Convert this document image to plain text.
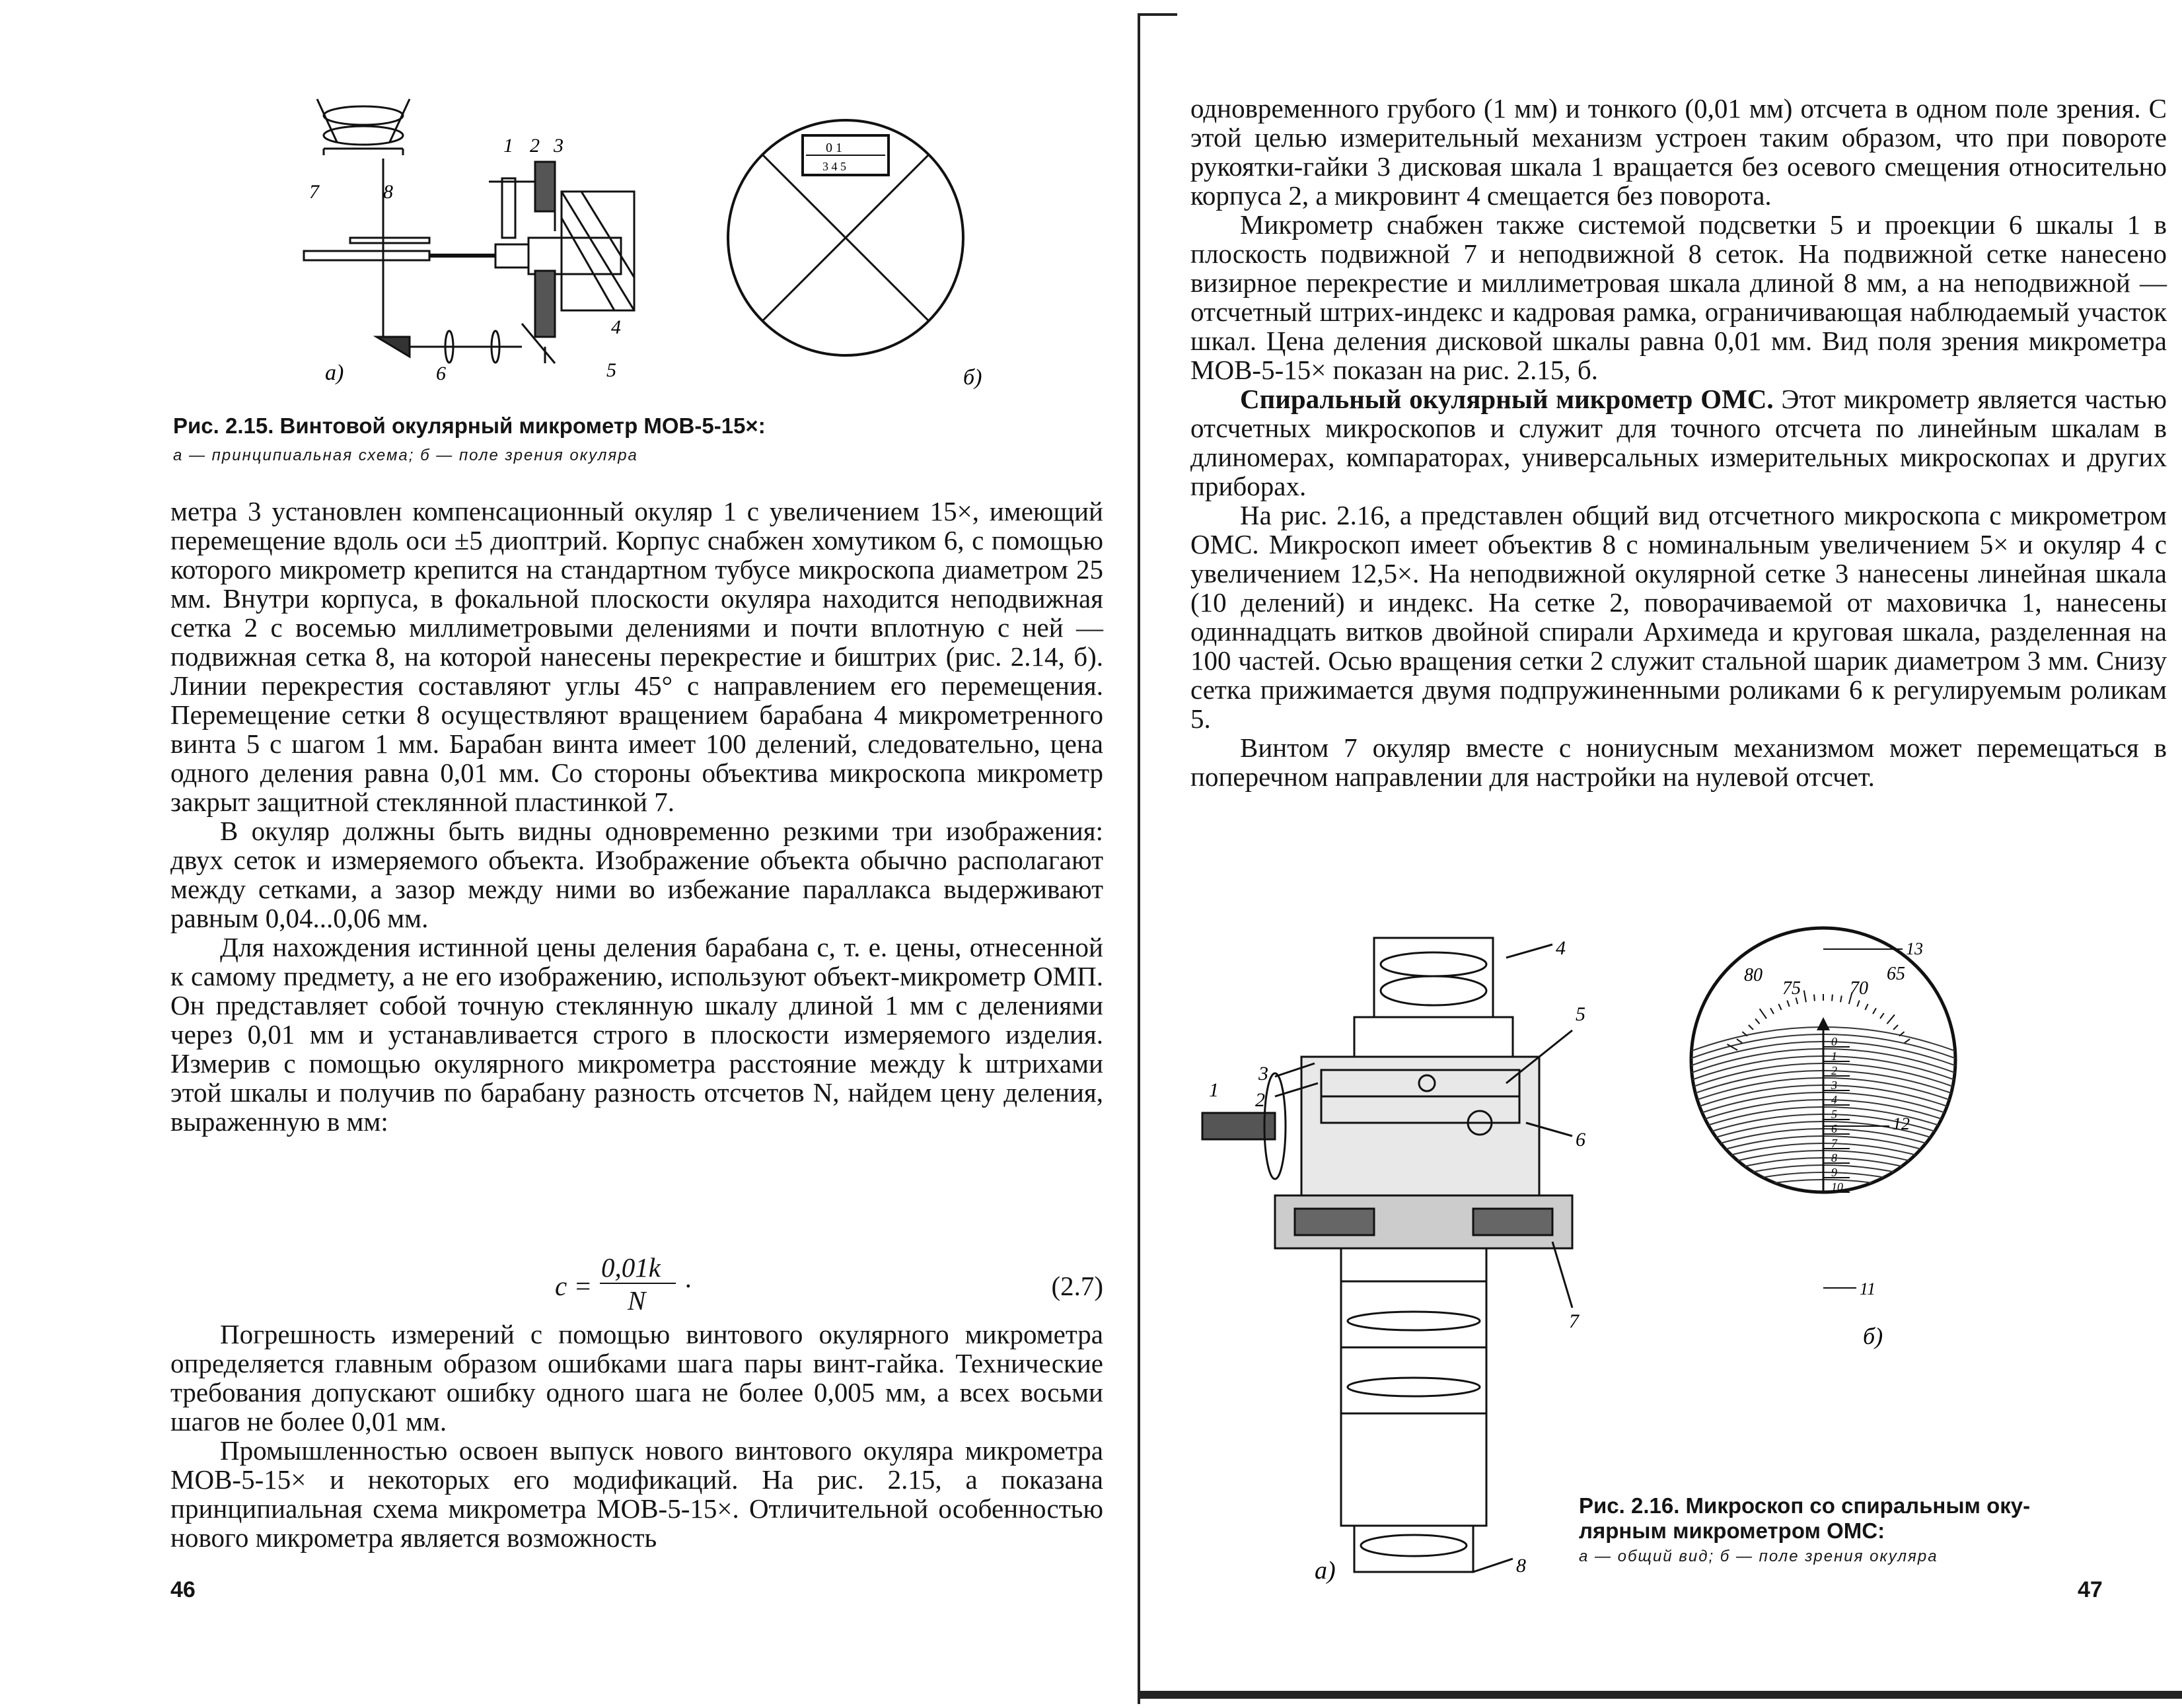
1 2 3
7	8
4
5
6
а)
0 1
3 4 5
б)
Рис. 2.15. Винтовой окулярный микрометр МОВ-5-15×:
а — принципиальная схема; б — поле зрения окуляра

метра 3 установлен компенсационный окуляр 1 с увеличением 15×, имеющий перемещение вдоль оси ±5 диоптрий. Корпус снабжен хомутиком 6, с помощью которого микрометр крепится на стандартном тубусе микроскопа диаметром 25 мм. Внутри корпуса, в фокальной плоскости окуляра находится неподвижная сетка 2 с восемью миллиметровыми делениями и почти вплотную с ней — подвижная сетка 8, на которой нанесены перекрестие и биштрих (рис. 2.14, б). Линии перекрестия составляют углы 45° с направлением его перемещения. Перемещение сетки 8 осуществляют вращением барабана 4 микрометренного винта 5 с шагом 1 мм. Барабан винта имеет 100 делений, следовательно, цена одного деления равна 0,01 мм. Со стороны объектива микроскопа микрометр закрыт защитной стеклянной пластинкой 7.

В окуляр должны быть видны одновременно резкими три изображения: двух сеток и измеряемого объекта. Изображение объекта обычно располагают между сетками, а зазор между ними во избежание параллакса выдерживают равным 0,04...0,06 мм.

Для нахождения истинной цены деления барабана c, т. е. цены, отнесенной к самому предмету, а не его изображению, используют объект-микрометр ОМП. Он представляет собой точную стеклянную шкалу длиной 1 мм с делениями через 0,01 мм и устанавливается строго в плоскости измеряемого изделия. Измерив с помощью окулярного микрометра расстояние между k штрихами этой шкалы и получив по барабану разность отсчетов N, найдем цену деления, выраженную в мм:

c =
0,01k
N ·	(2.7)

Погрешность измерений с помощью винтового окулярного микрометра определяется главным образом ошибками шага пары винт-гайка. Технические требования допускают ошибку одного шага не более 0,005 мм, а всех восьми шагов не более 0,01 мм.

Промышленностью освоен выпуск нового винтового окуляра микрометра МОВ-5-15× и некоторых его модификаций. На рис. 2.15, а показана принципиальная схема микрометра МОВ-5-15×. Отличительной особенностью нового микрометра является возможность

46

одновременного грубого (1 мм) и тонкого (0,01 мм) отсчета в одном поле зрения. С этой целью измерительный механизм устроен таким образом, что при повороте рукоятки-гайки 3 дисковая шкала 1 вращается без осевого смещения относительно корпуса 2, а микровинт 4 смещается без поворота.

Микрометр снабжен также системой подсветки 5 и проекции 6 шкалы 1 в плоскость подвижной 7 и неподвижной 8 сеток. На подвижной сетке нанесено визирное перекрестие и миллиметровая шкала длиной 8 мм, а на неподвижной — отсчетный штрих-индекс и кадровая рамка, ограничивающая наблюдаемый участок шкал. Цена деления дисковой шкалы равна 0,01 мм. Вид поля зрения микрометра МОВ-5-15× показан на рис. 2.15, б.

Спиральный окулярный микрометр ОМС. Этот микрометр является частью отсчетных микроскопов и служит для точного отсчета по линейным шкалам в длиномерах, компараторах, универсальных измерительных микроскопах и других приборах.

На рис. 2.16, а представлен общий вид отсчетного микроскопа с микрометром ОМС. Микроскоп имеет объектив 8 с номинальным увеличением 5× и окуляр 4 с увеличением 12,5×. На неподвижной окулярной сетке 3 нанесены линейная шкала (10 делений) и индекс. На сетке 2, поворачиваемой от маховичка 1, нанесены одиннадцать витков двойной спирали Архимеда и круговая шкала, разделенная на 100 частей. Осью вращения сетки 2 служит стальной шарик диаметром 3 мм. Снизу сетка прижимается двумя подпружиненными роликами 6 к регулируемым роликам 5.

Винтом 7 окуляр вместе с нониусным механизмом может перемещаться в поперечном направлении для настройки на нулевой отсчет.

1 2
3
4
5
6
7
8
а)
80
75	70
65
13
12
11
0
1
2
3
4
5
6
7
8
9
10
б)
Рис. 2.16. Микроскоп со спиральным оку-
лярным микрометром ОМС:
а — общий вид; б — поле зрения окуляра
47
